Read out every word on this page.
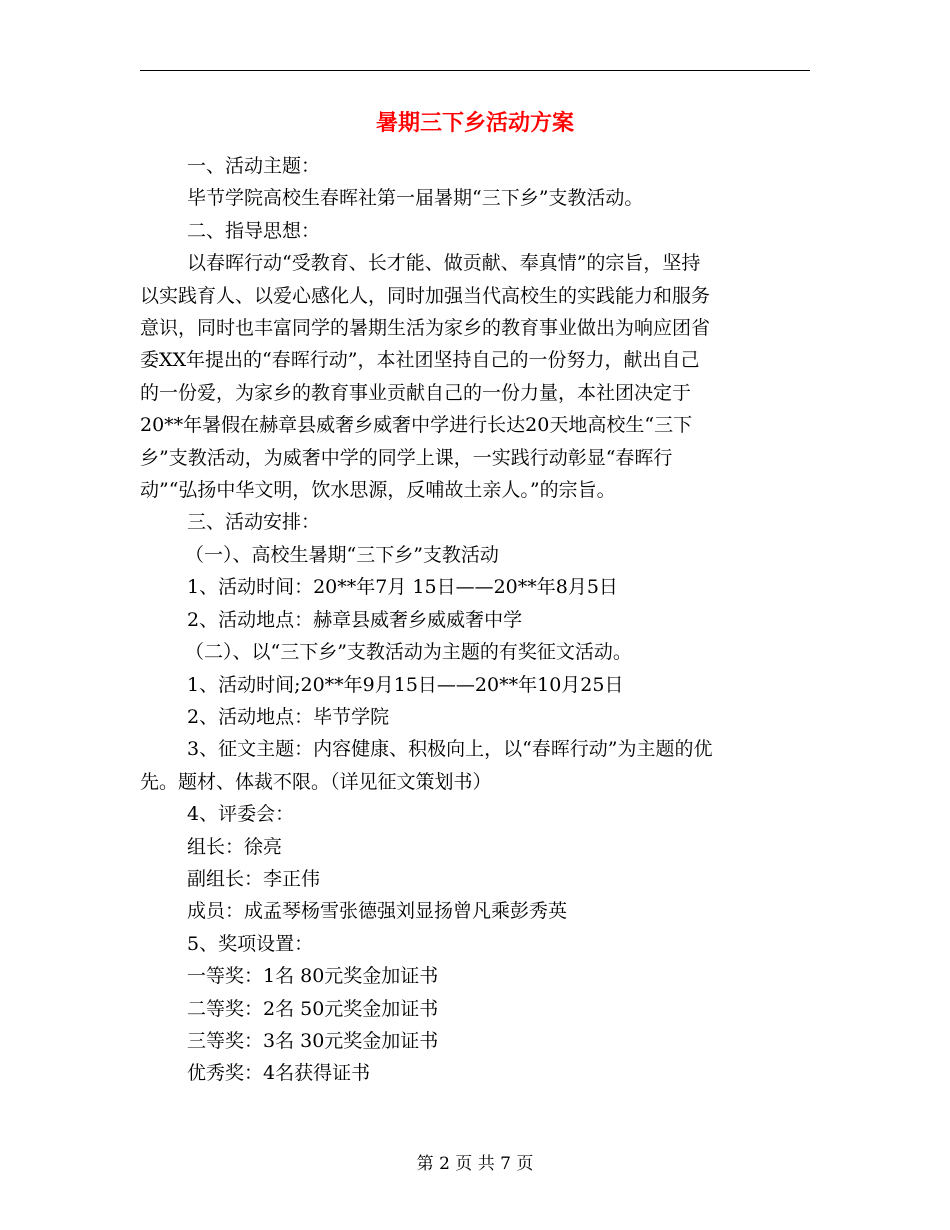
暑期三下乡活动方案

一、活动主题：

毕节学院高校生春晖社第一届暑期“三下乡”支教活动。

二、指导思想：

以春晖行动“受教育、长才能、做贡献、奉真情”的宗旨，坚持

以实践育人、以爱心感化人，同时加强当代高校生的实践能力和服务

意识，同时也丰富同学的暑期生活为家乡的教育事业做出为响应团省

委XX年提出的“春晖行动”，本社团坚持自己的一份努力，献出自己

的一份爱，为家乡的教育事业贡献自己的一份力量，本社团决定于

20**年暑假在赫章县威奢乡威奢中学进行长达20天地高校生“三下

乡”支教活动，为威奢中学的同学上课，一实践行动彰显“春晖行

动”“弘扬中华文明，饮水思源，反哺故土亲人。”的宗旨。

三、活动安排：

（一）、高校生暑期“三下乡”支教活动

1、活动时间：20**年7月 15日——20**年8月5日

2、活动地点：赫章县威奢乡威威奢中学

（二）、以“三下乡”支教活动为主题的有奖征文活动。

1、活动时间;20**年9月15日——20**年10月25日

2、活动地点：毕节学院

3、征文主题：内容健康、积极向上，以“春晖行动”为主题的优

先。题材、体裁不限。（详见征文策划书）

4、评委会：

组长：徐亮

副组长：李正伟

成员：成孟琴杨雪张德强刘显扬曾凡乘彭秀英

5、奖项设置：

一等奖：1名 80元奖金加证书

二等奖：2名 50元奖金加证书

三等奖：3名 30元奖金加证书

优秀奖：4名获得证书

第 2 页 共 7 页
